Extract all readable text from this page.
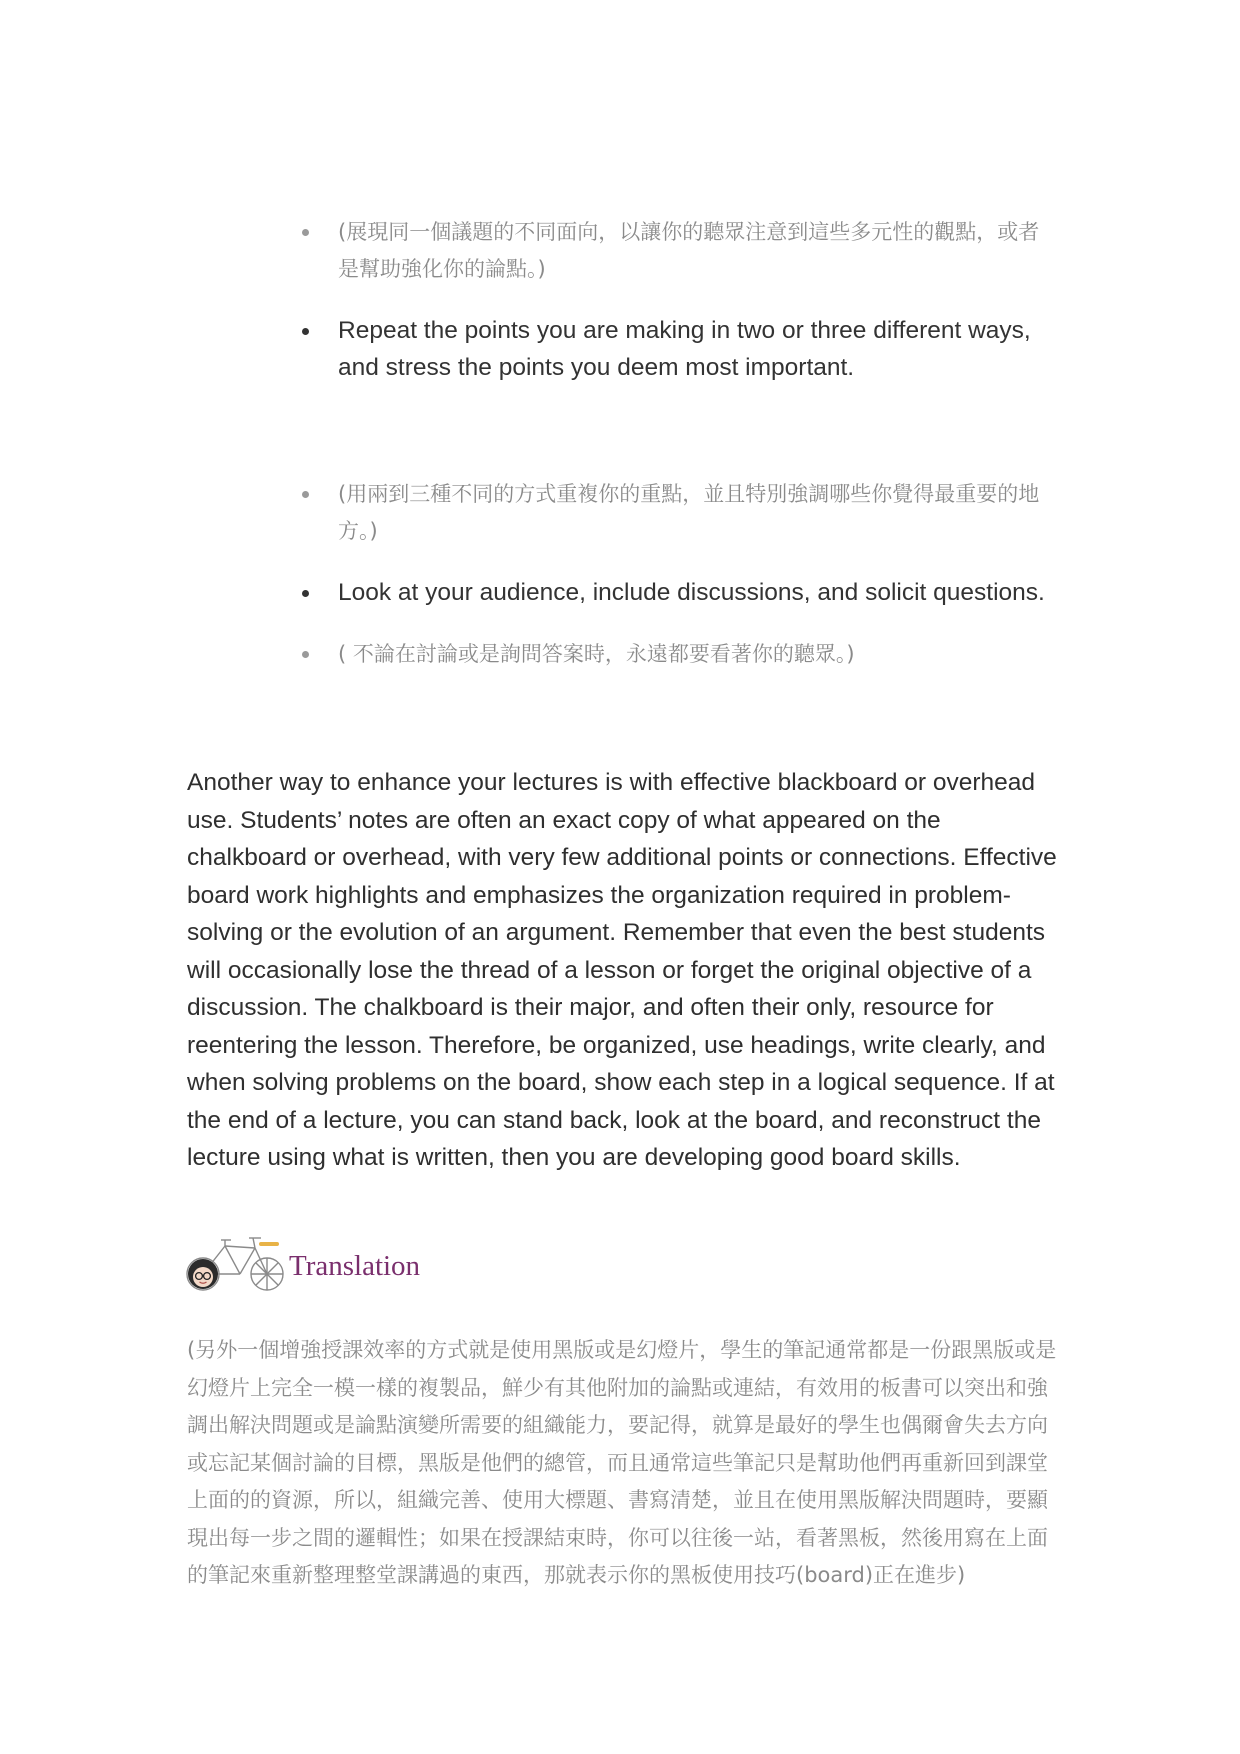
(展現同一個議題的不同面向，以讓你的聽眾注意到這些多元性的觀點，或者是幫助強化你的論點。)
Repeat the points you are making in two or three different ways, and stress the points you deem most important.
(用兩到三種不同的方式重複你的重點，並且特別強調哪些你覺得最重要的地方。)
Look at your audience, include discussions, and solicit questions.
( 不論在討論或是詢問答案時，永遠都要看著你的聽眾。)

Another way to enhance your lectures is with effective blackboard or overhead use. Students’ notes are often an exact copy of what appeared on the chalkboard or overhead, with very few additional points or connections. Effective board work highlights and emphasizes the organization required in problem-solving or the evolution of an argument. Remember that even the best students will occasionally lose the thread of a lesson or forget the original objective of a discussion. The chalkboard is their major, and often their only, resource for reentering the lesson. Therefore, be organized, use headings, write clearly, and when solving problems on the board, show each step in a logical sequence. If at the end of a lecture, you can stand back, look at the board, and reconstruct the lecture using what is written, then you are developing good board skills.

Translation

(另外一個增強授課效率的方式就是使用黑版或是幻燈片，學生的筆記通常都是一份跟黑版或是幻燈片上完全一模一樣的複製品，鮮少有其他附加的論點或連結，有效用的板書可以突出和強調出解決問題或是論點演變所需要的組織能力，要記得，就算是最好的學生也偶爾會失去方向或忘記某個討論的目標，黑版是他們的總管，而且通常這些筆記只是幫助他們再重新回到課堂上面的的資源，所以，組織完善、使用大標題、書寫清楚，並且在使用黑版解決問題時，要顯現出每一步之間的邏輯性；如果在授課結束時，你可以往後一站，看著黑板，然後用寫在上面的筆記來重新整理整堂課講過的東西，那就表示你的黑板使用技巧(board)正在進步)
